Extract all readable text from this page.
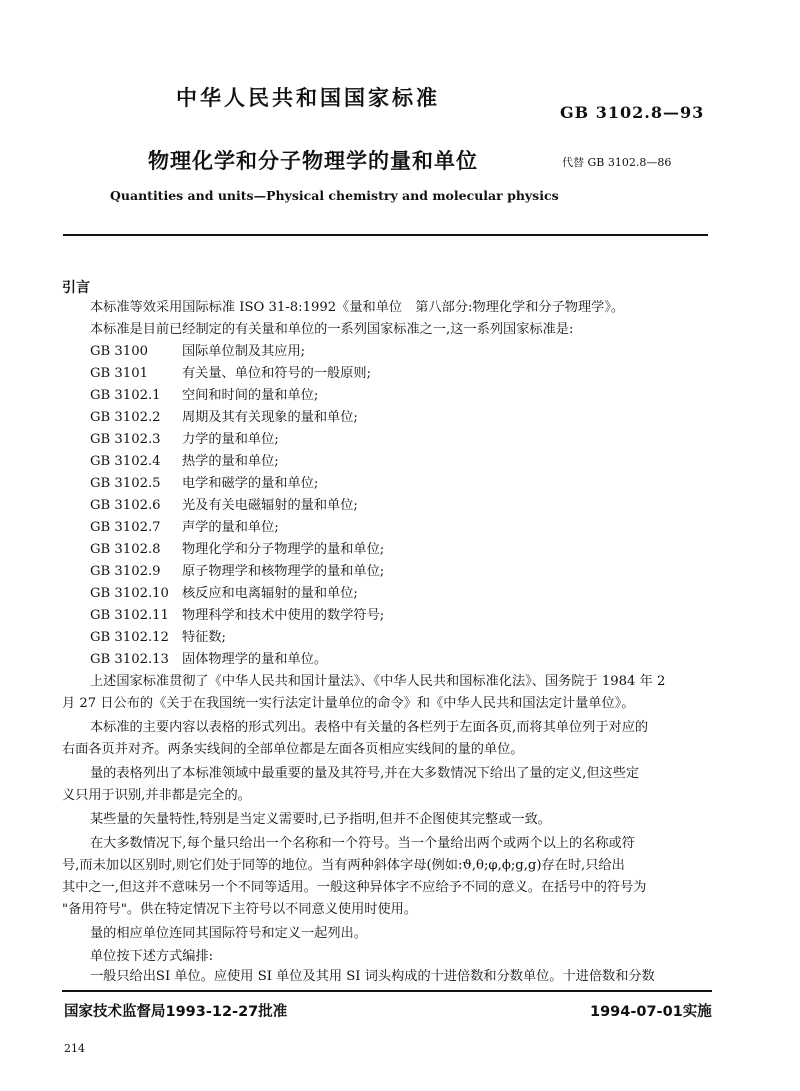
中华人民共和国国家标准
GB 3102.8—93
物理化学和分子物理学的量和单位	代替 GB 3102.8—86
Quantities and units—Physical chemistry and molecular physics
引言
本标准等效采用国际标准 ISO 31-8:1992《量和单位　第八部分:物理化学和分子物理学》。
本标准是目前已经制定的有关量和单位的一系列国家标准之一,这一系列国家标准是:
GB 3100	国际单位制及其应用;
GB 3101	有关量、单位和符号的一般原则;
GB 3102.1 空间和时间的量和单位;
GB 3102.2 周期及其有关现象的量和单位;
GB 3102.3 力学的量和单位;
GB 3102.4 热学的量和单位;
GB 3102.5 电学和磁学的量和单位;
GB 3102.6 光及有关电磁辐射的量和单位;
GB 3102.7 声学的量和单位;
GB 3102.8 物理化学和分子物理学的量和单位;
GB 3102.9 原子物理学和核物理学的量和单位;
GB 3102.10 核反应和电离辐射的量和单位;
GB 3102.11 物理科学和技术中使用的数学符号;
GB 3102.12 特征数;
GB 3102.13 固体物理学的量和单位。
上述国家标准贯彻了《中华人民共和国计量法》、《中华人民共和国标准化法》、国务院于 1984 年 2
月 27 日公布的《关于在我国统一实行法定计量单位的命令》和《中华人民共和国法定计量单位》。
本标准的主要内容以表格的形式列出。表格中有关量的各栏列于左面各页,而将其单位列于对应的
右面各页并对齐。两条实线间的全部单位都是左面各页相应实线间的量的单位。
量的表格列出了本标准领域中最重要的量及其符号,并在大多数情况下给出了量的定义,但这些定
义只用于识别,并非都是完全的。
某些量的矢量特性,特别是当定义需要时,已予指明,但并不企图使其完整或一致。
在大多数情况下,每个量只给出一个名称和一个符号。当一个量给出两个或两个以上的名称或符
号,而未加以区别时,则它们处于同等的地位。当有两种斜体字母(例如:ϑ,θ;φ,ϕ;g,g)存在时,只给出
其中之一,但这并不意味另一个不同等适用。一般这种异体字不应给予不同的意义。在括号中的符号为
"备用符号"。供在特定情况下主符号以不同意义使用时使用。
量的相应单位连同其国际符号和定义一起列出。
单位按下述方式编排:
一般只给出SI 单位。应使用 SI 单位及其用 SI 词头构成的十进倍数和分数单位。十进倍数和分数
国家技术监督局1993-12-27批准	1994-07-01实施
214
